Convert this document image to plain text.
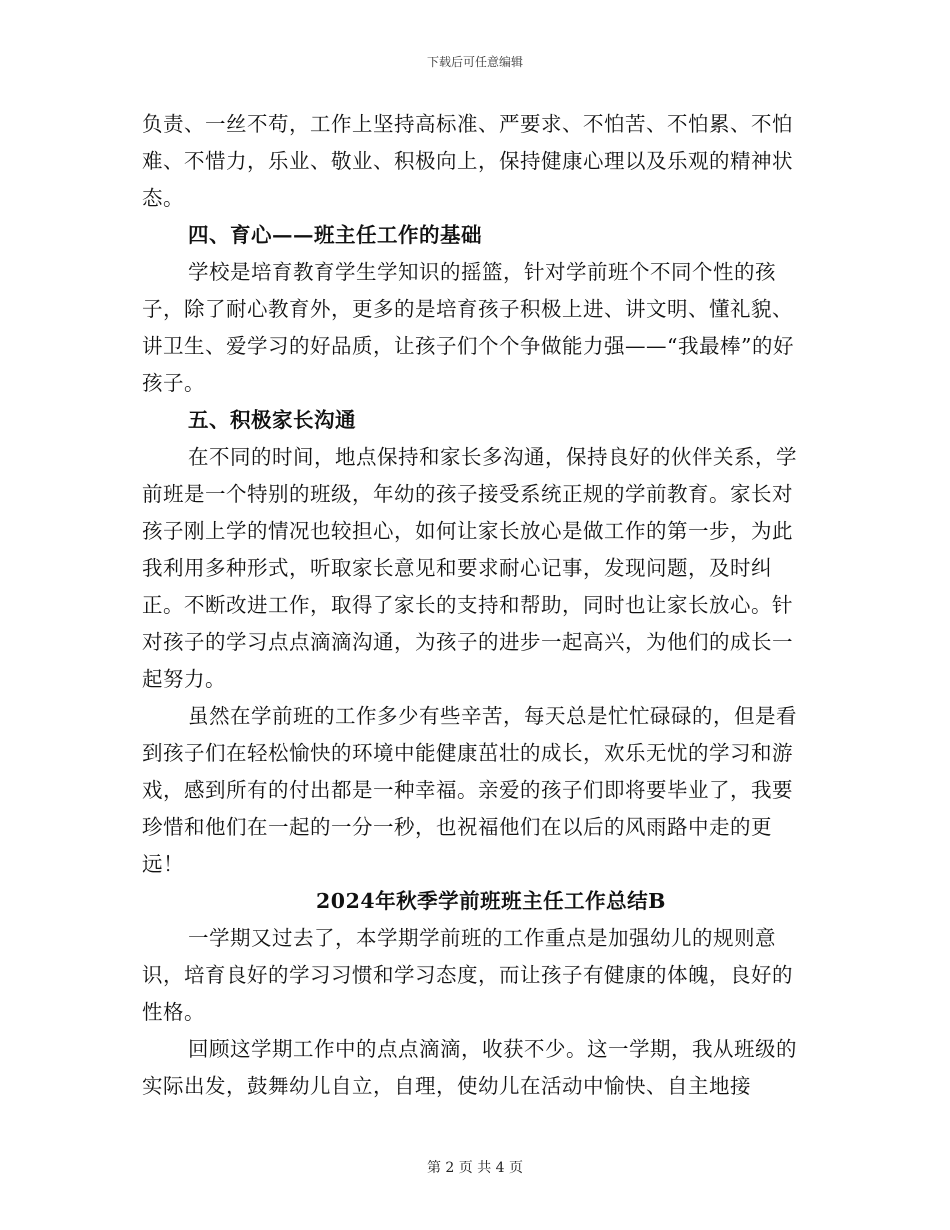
下载后可任意编辑

负责、一丝不苟，工作上坚持高标准、严要求、不怕苦、不怕累、不怕难、不惜力，乐业、敬业、积极向上，保持健康心理以及乐观的精神状态。

四、育心——班主任工作的基础

学校是培育教育学生学知识的摇篮，针对学前班个不同个性的孩子，除了耐心教育外，更多的是培育孩子积极上进、讲文明、懂礼貌、讲卫生、爱学习的好品质，让孩子们个个争做能力强——“我最棒”的好孩子。

五、积极家长沟通

在不同的时间，地点保持和家长多沟通，保持良好的伙伴关系，学前班是一个特别的班级，年幼的孩子接受系统正规的学前教育。家长对孩子刚上学的情况也较担心，如何让家长放心是做工作的第一步，为此我利用多种形式，听取家长意见和要求耐心记事，发现问题，及时纠正。不断改进工作，取得了家长的支持和帮助，同时也让家长放心。针对孩子的学习点点滴滴沟通，为孩子的进步一起高兴，为他们的成长一起努力。

虽然在学前班的工作多少有些辛苦，每天总是忙忙碌碌的，但是看到孩子们在轻松愉快的环境中能健康茁壮的成长，欢乐无忧的学习和游戏，感到所有的付出都是一种幸福。亲爱的孩子们即将要毕业了，我要珍惜和他们在一起的一分一秒，也祝福他们在以后的风雨路中走的更远！

2024年秋季学前班班主任工作总结B

一学期又过去了，本学期学前班的工作重点是加强幼儿的规则意识，培育良好的学习习惯和学习态度，而让孩子有健康的体魄，良好的性格。

回顾这学期工作中的点点滴滴，收获不少。这一学期，我从班级的实际出发，鼓舞幼儿自立，自理，使幼儿在活动中愉快、自主地接

第 2 页 共 4 页
